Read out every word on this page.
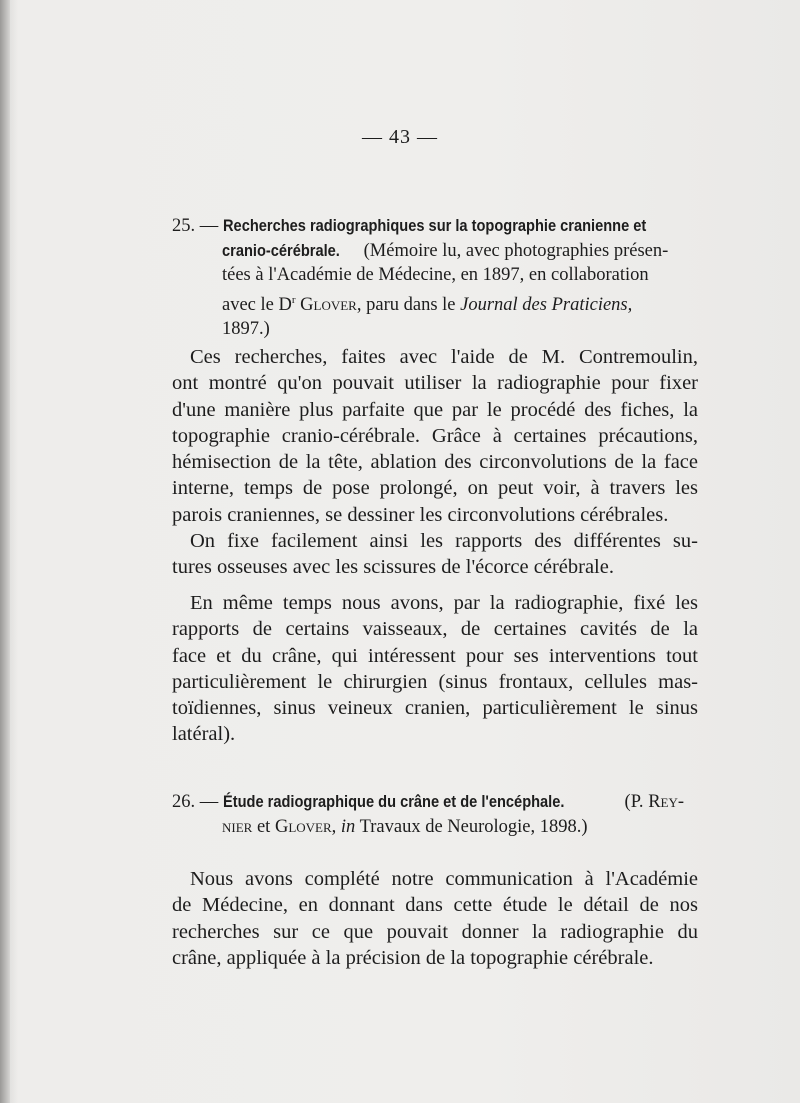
— 43 —
25. — Recherches radiographiques sur la topographie cranienne et
cranio-cérébrale. (Mémoire lu, avec photographies présen-
tées à l'Académie de Médecine, en 1897, en collaboration
avec le $D^r$ Glover, paru dans le Journal des Praticiens,
1897.)
Ces recherches, faites avec l'aide de M. Contremoulin,
ont montré qu'on pouvait utiliser la radiographie pour fixer
d'une manière plus parfaite que par le procédé des fiches, la
topographie cranio-cérébrale. Grâce à certaines précautions,
hémisection de la tête, ablation des circonvolutions de la face
interne, temps de pose prolongé, on peut voir, à travers les
parois craniennes, se dessiner les circonvolutions cérébrales.
On fixe facilement ainsi les rapports des différentes su-
tures osseuses avec les scissures de l'écorce cérébrale.
En même temps nous avons, par la radiographie, fixé les
rapports de certains vaisseaux, de certaines cavités de la
face et du crâne, qui intéressent pour ses interventions tout
particulièrement le chirurgien (sinus frontaux, cellules mas-
toïdiennes, sinus veineux cranien, particulièrement le sinus
latéral).
26. — Étude radiographique du crâne et de l'encéphale.	(P. Rey-
nier et Glover, in Travaux de Neurologie, 1898.)
Nous avons complété notre communication à l'Académie
de Médecine, en donnant dans cette étude le détail de nos
recherches sur ce que pouvait donner la radiographie du
crâne, appliquée à la précision de la topographie cérébrale.
